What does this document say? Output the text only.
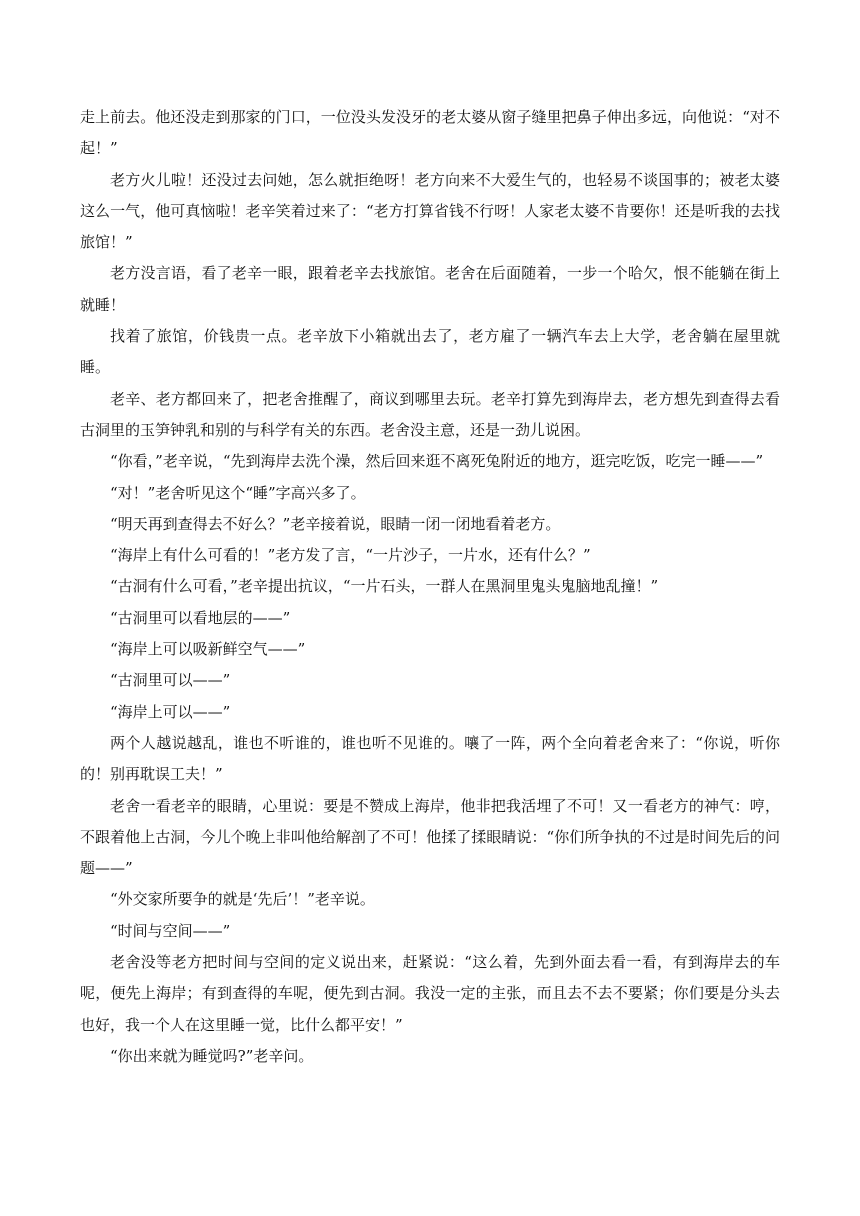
走上前去。他还没走到那家的门口，一位没头发没牙的老太婆从窗子缝里把鼻子伸出多远，向他说：“对不起！”

老方火儿啦！还没过去问她，怎么就拒绝呀！老方向来不大爱生气的，也轻易不谈国事的；被老太婆这么一气，他可真恼啦！老辛笑着过来了：“老方打算省钱不行呀！人家老太婆不肯要你！还是听我的去找旅馆！”

老方没言语，看了老辛一眼，跟着老辛去找旅馆。老舍在后面随着，一步一个哈欠，恨不能躺在街上就睡！

找着了旅馆，价钱贵一点。老辛放下小箱就出去了，老方雇了一辆汽车去上大学，老舍躺在屋里就睡。

老辛、老方都回来了，把老舍推醒了，商议到哪里去玩。老辛打算先到海岸去，老方想先到查得去看古洞里的玉笋钟乳和别的与科学有关的东西。老舍没主意，还是一劲儿说困。

“你看，”老辛说，“先到海岸去洗个澡，然后回来逛不离死兔附近的地方，逛完吃饭，吃完一睡——”

“对！”老舍听见这个“睡”字高兴多了。

“明天再到查得去不好么？”老辛接着说，眼睛一闭一闭地看着老方。

“海岸上有什么可看的！”老方发了言，“一片沙子，一片水，还有什么？”

“古洞有什么可看，”老辛提出抗议，“一片石头，一群人在黑洞里鬼头鬼脑地乱撞！”

“古洞里可以看地层的——”

“海岸上可以吸新鲜空气——”

“古洞里可以——”

“海岸上可以——”

两个人越说越乱，谁也不听谁的，谁也听不见谁的。嚷了一阵，两个全向着老舍来了：“你说，听你的！别再耽误工夫！”

老舍一看老辛的眼睛，心里说：要是不赞成上海岸，他非把我活埋了不可！又一看老方的神气：哼，不跟着他上古洞，今儿个晚上非叫他给解剖了不可！他揉了揉眼睛说：“你们所争执的不过是时间先后的问题——”

“外交家所要争的就是‘先后’！”老辛说。

“时间与空间——”

老舍没等老方把时间与空间的定义说出来，赶紧说：“这么着，先到外面去看一看，有到海岸去的车呢，便先上海岸；有到查得的车呢，便先到古洞。我没一定的主张，而且去不去不要紧；你们要是分头去也好，我一个人在这里睡一觉，比什么都平安！”

“你出来就为睡觉吗?”老辛问。
